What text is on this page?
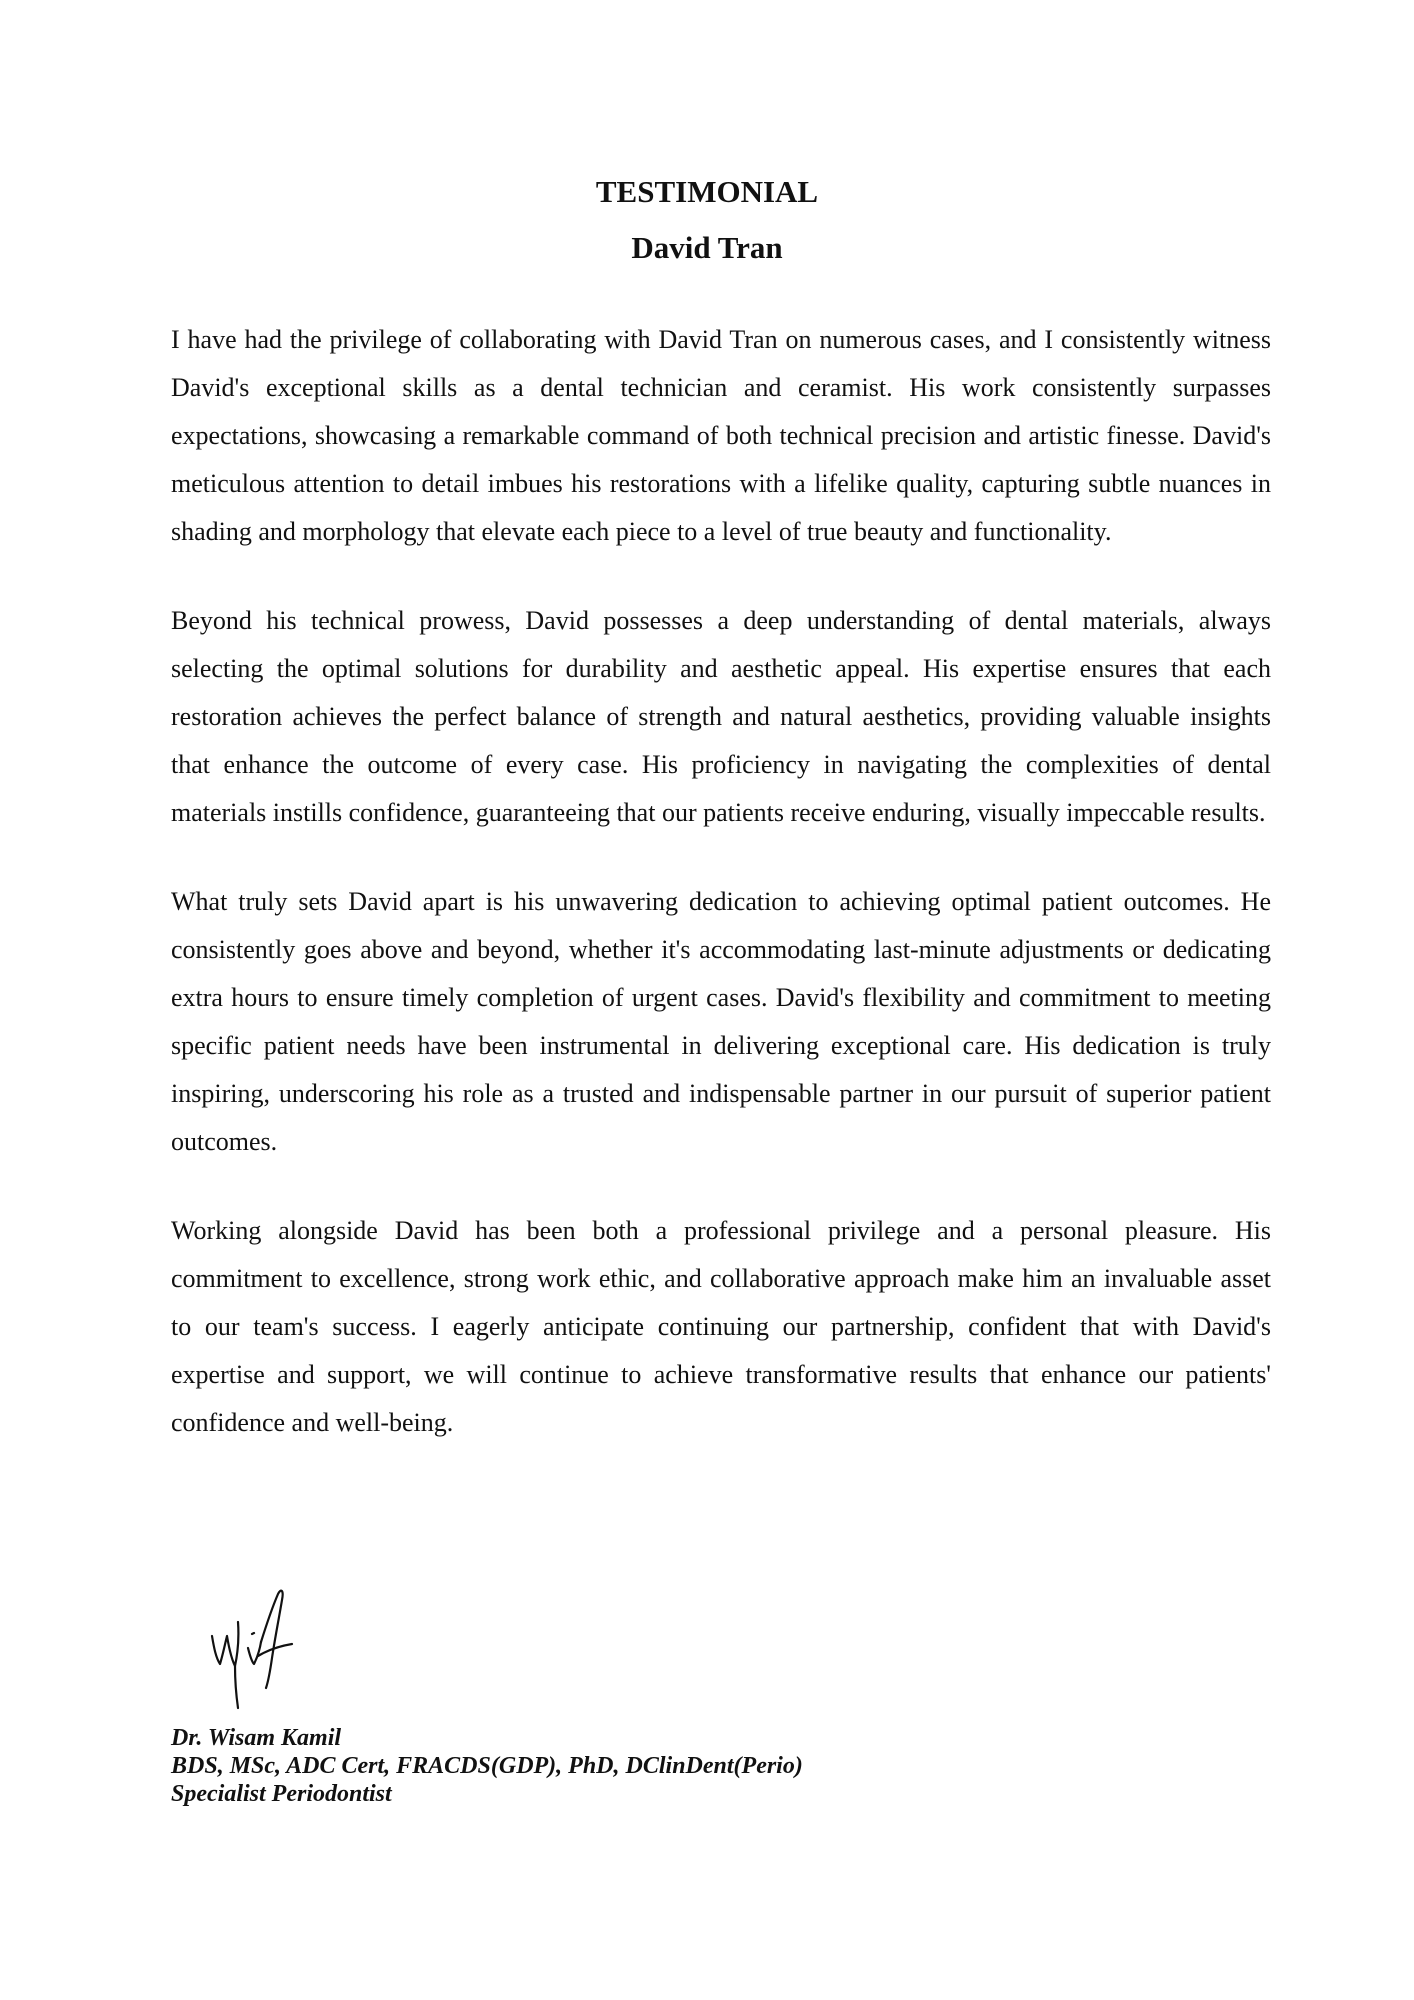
TESTIMONIAL
David Tran

I have had the privilege of collaborating with David Tran on numerous cases, and I consistently witness David's exceptional skills as a dental technician and ceramist. His work consistently surpasses expectations, showcasing a remarkable command of both technical precision and artistic finesse. David's meticulous attention to detail imbues his restorations with a lifelike quality, capturing subtle nuances in shading and morphology that elevate each piece to a level of true beauty and functionality.

Beyond his technical prowess, David possesses a deep understanding of dental materials, always selecting the optimal solutions for durability and aesthetic appeal. His expertise ensures that each restoration achieves the perfect balance of strength and natural aesthetics, providing valuable insights that enhance the outcome of every case. His proficiency in navigating the complexities of dental materials instills confidence, guaranteeing that our patients receive enduring, visually impeccable results.

What truly sets David apart is his unwavering dedication to achieving optimal patient outcomes. He consistently goes above and beyond, whether it's accommodating last-minute adjustments or dedicating extra hours to ensure timely completion of urgent cases. David's flexibility and commitment to meeting specific patient needs have been instrumental in delivering exceptional care. His dedication is truly inspiring, underscoring his role as a trusted and indispensable partner in our pursuit of superior patient outcomes.

Working alongside David has been both a professional privilege and a personal pleasure. His commitment to excellence, strong work ethic, and collaborative approach make him an invaluable asset to our team's success. I eagerly anticipate continuing our partnership, confident that with David's expertise and support, we will continue to achieve transformative results that enhance our patients' confidence and well-being.

Dr. Wisam Kamil
BDS, MSc, ADC Cert, FRACDS(GDP), PhD, DClinDent(Perio)
Specialist Periodontist
